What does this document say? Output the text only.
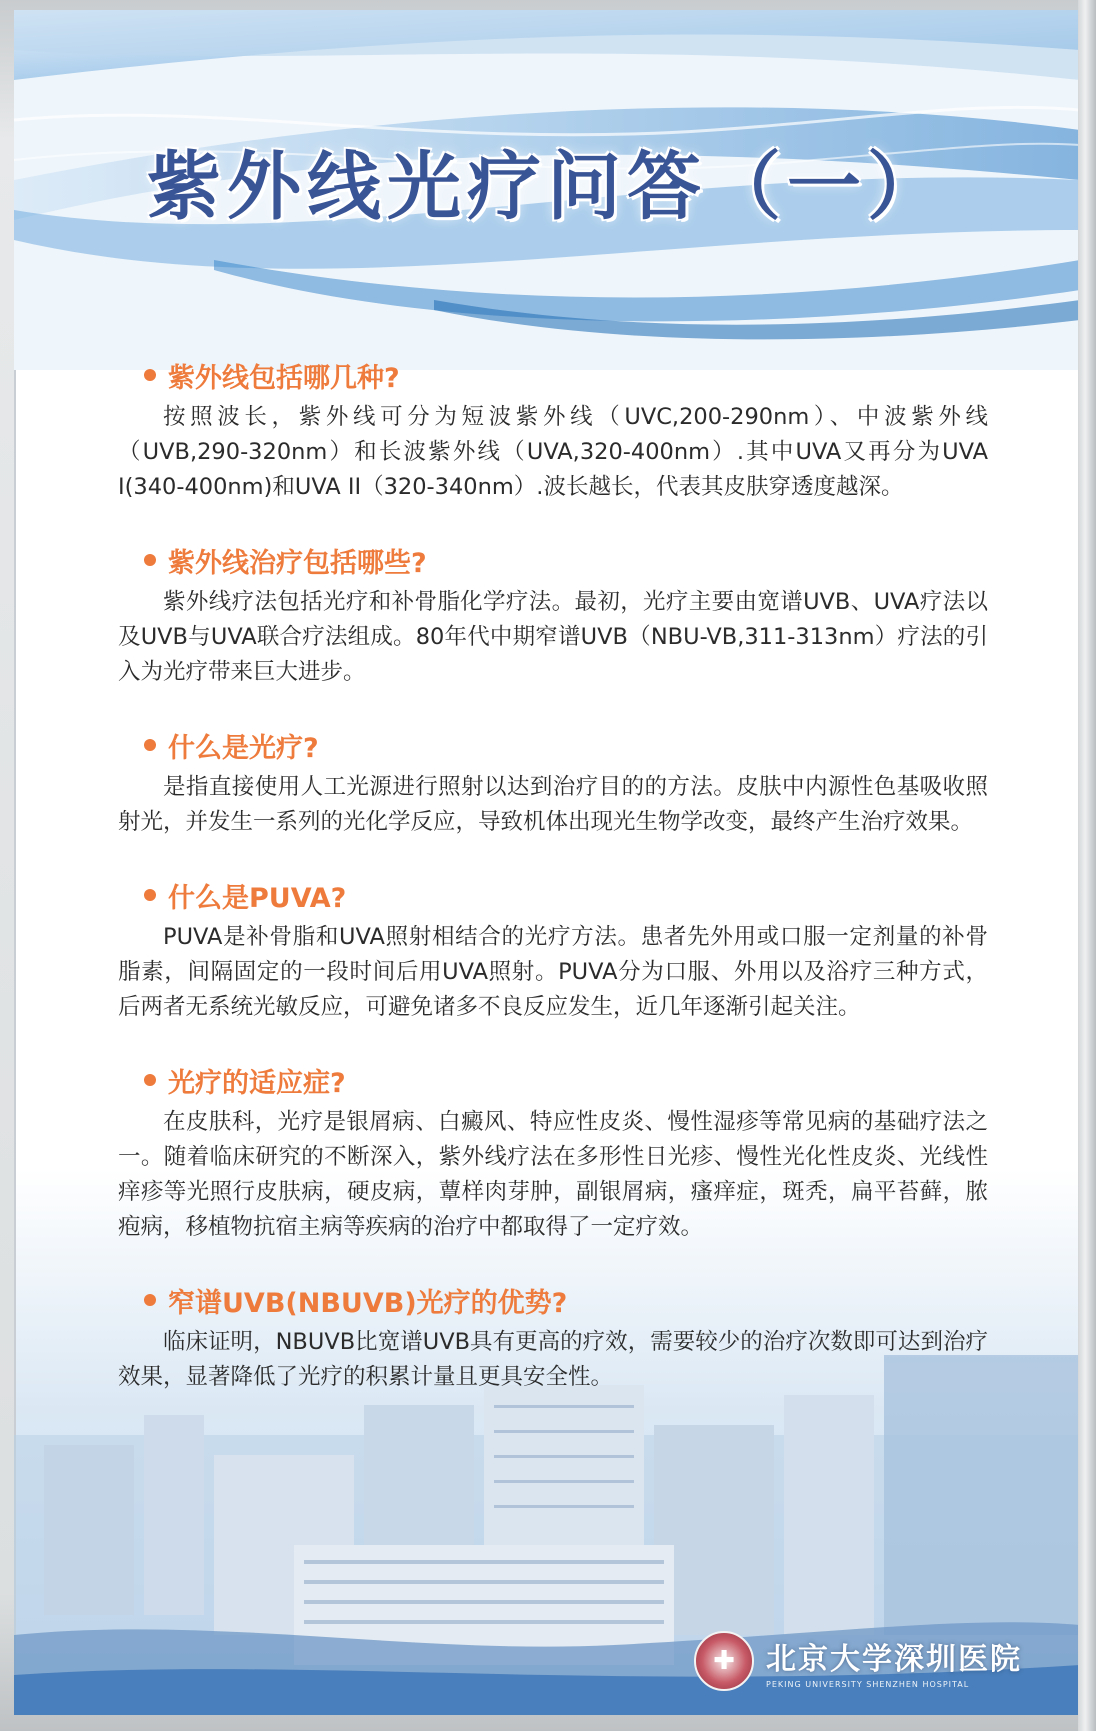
紫外线光疗问答（一）
紫外线包括哪几种?

按照波长，紫外线可分为短波紫外线（UVC,200-290nm）、中波紫外线（UVB,290-320nm）和长波紫外线（UVA,320-400nm）.其中UVA又再分为UVA I(340-400nm)和UVA II（320-340nm）.波长越长，代表其皮肤穿透度越深。

紫外线治疗包括哪些?

紫外线疗法包括光疗和补骨脂化学疗法。最初，光疗主要由宽谱UVB、UVA疗法以及UVB与UVA联合疗法组成。80年代中期窄谱UVB（NBU-VB,311-313nm）疗法的引入为光疗带来巨大进步。

什么是光疗?

是指直接使用人工光源进行照射以达到治疗目的的方法。皮肤中内源性色基吸收照射光，并发生一系列的光化学反应，导致机体出现光生物学改变，最终产生治疗效果。

什么是PUVA?

PUVA是补骨脂和UVA照射相结合的光疗方法。患者先外用或口服一定剂量的补骨脂素，间隔固定的一段时间后用UVA照射。PUVA分为口服、外用以及浴疗三种方式，后两者无系统光敏反应，可避免诸多不良反应发生，近几年逐渐引起关注。

光疗的适应症?

在皮肤科，光疗是银屑病、白癜风、特应性皮炎、慢性湿疹等常见病的基础疗法之一。随着临床研究的不断深入，紫外线疗法在多形性日光疹、慢性光化性皮炎、光线性痒疹等光照行皮肤病，硬皮病，蕈样肉芽肿，副银屑病，瘙痒症，斑秃，扁平苔藓，脓疱病，移植物抗宿主病等疾病的治疗中都取得了一定疗效。

窄谱UVB(NBUVB)光疗的优势?

临床证明，NBUVB比宽谱UVB具有更高的疗效，需要较少的治疗次数即可达到治疗效果，显著降低了光疗的积累计量且更具安全性。

✚	北京大学深圳医院
PEKING UNIVERSITY SHENZHEN HOSPITAL
